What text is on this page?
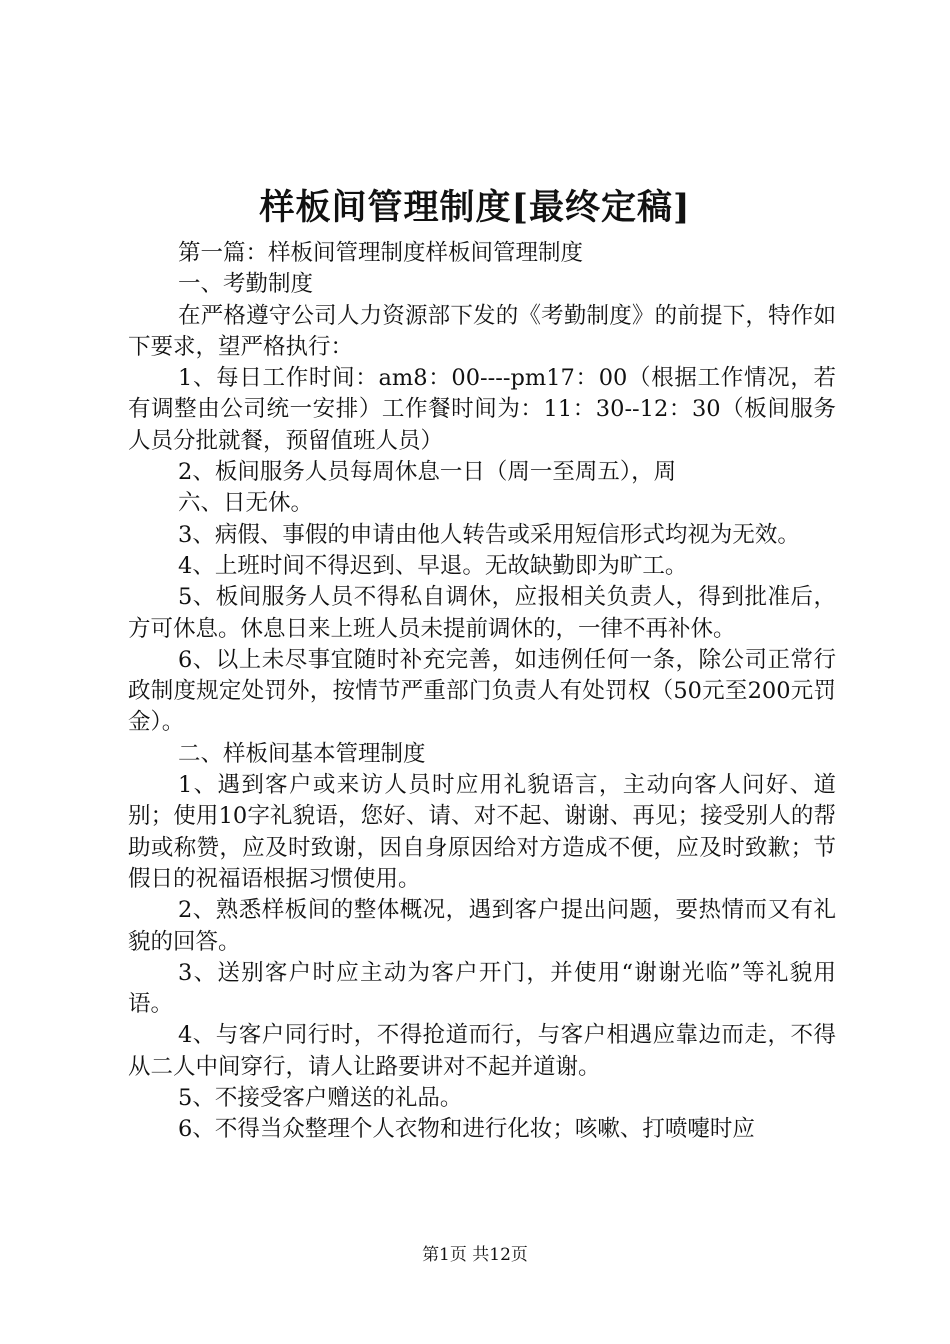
样板间管理制度[最终定稿]

第一篇：样板间管理制度样板间管理制度

一、考勤制度

在严格遵守公司人力资源部下发的《考勤制度》的前提下，特作如下要求，望严格执行：

1、每日工作时间：am8：00----pm17：00（根据工作情况，若有调整由公司统一安排）工作餐时间为：11：30--12：30（板间服务人员分批就餐，预留值班人员）

2、板间服务人员每周休息一日（周一至周五），周

六、日无休。

3、病假、事假的申请由他人转告或采用短信形式均视为无效。

4、上班时间不得迟到、早退。无故缺勤即为旷工。

5、板间服务人员不得私自调休，应报相关负责人，得到批准后，方可休息。休息日来上班人员未提前调休的，一律不再补休。

6、以上未尽事宜随时补充完善，如违例任何一条，除公司正常行政制度规定处罚外，按情节严重部门负责人有处罚权（50元至200元罚金）。

二、样板间基本管理制度

1、遇到客户或来访人员时应用礼貌语言，主动向客人问好、道别；使用10字礼貌语，您好、请、对不起、谢谢、再见；接受别人的帮助或称赞，应及时致谢，因自身原因给对方造成不便，应及时致歉；节假日的祝福语根据习惯使用。

2、熟悉样板间的整体概况，遇到客户提出问题，要热情而又有礼貌的回答。

3、送别客户时应主动为客户开门，并使用“谢谢光临”等礼貌用语。

4、与客户同行时，不得抢道而行，与客户相遇应靠边而走，不得从二人中间穿行，请人让路要讲对不起并道谢。

5、不接受客户赠送的礼品。

6、不得当众整理个人衣物和进行化妆；咳嗽、打喷嚏时应

第1页 共12页
